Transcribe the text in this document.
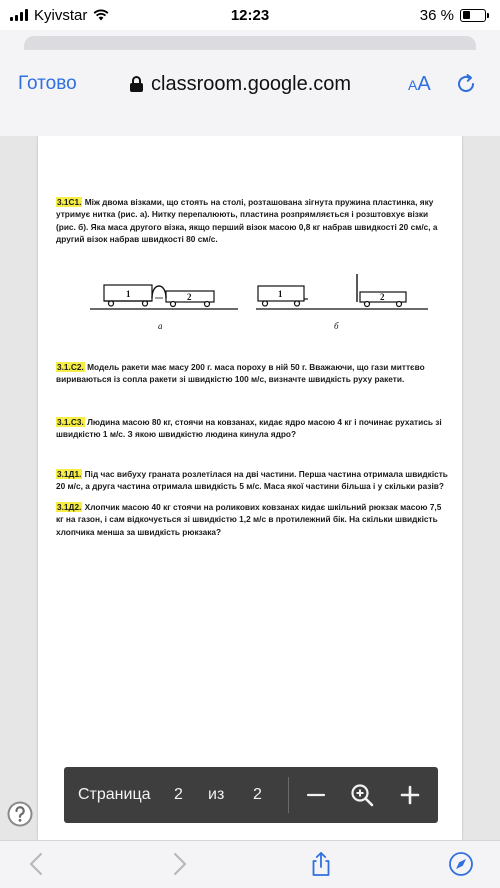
Kyivstar	12:23	36 %
Готово	classroom.google.com	AA
3.1С1. Між двома візками, що стоять на столі, розташована зігнута пружина пластинка, яку утримує нитка (рис. а). Нитку перепалюють, пластина розпрямляється і розштовхує візки (рис. б). Яка маса другого візка, якщо перший візок масою 0,8 кг набрав швидкості 20 см/с, а другий візок набрав швидкості 80 см/с.
1	2	1	2
а	б
3.1.С2. Модель ракети має масу 200 г. маса пороху в ній 50 г. Вважаючи, що гази миттєво вириваються із сопла ракети зі швидкістю 100 м/с, визначте швидкість руху ракети.
3.1.С3. Людина масою 80 кг, стоячи на ковзанах, кидає ядро масою 4 кг і починає рухатись зі швидкістю 1 м/с. З якою швидкістю людина кинула ядро?
3.1Д1. Під час вибуху граната розлетілася на дві частини. Перша частина отримала швидкість 20 м/с, а друга частина отримала швидкість 5 м/с. Маса якої частини більша і у скільки разів?
3.1Д2. Хлопчик масою 40 кг стоячи на роликових ковзанах кидає шкільний рюкзак масою 7,5 кг на газон, і сам відкочується зі швидкістю 1,2 м/с в протилежний бік. На скільки швидкість хлопчика менша за швидкість рюкзака?
Страница 2 из 2
